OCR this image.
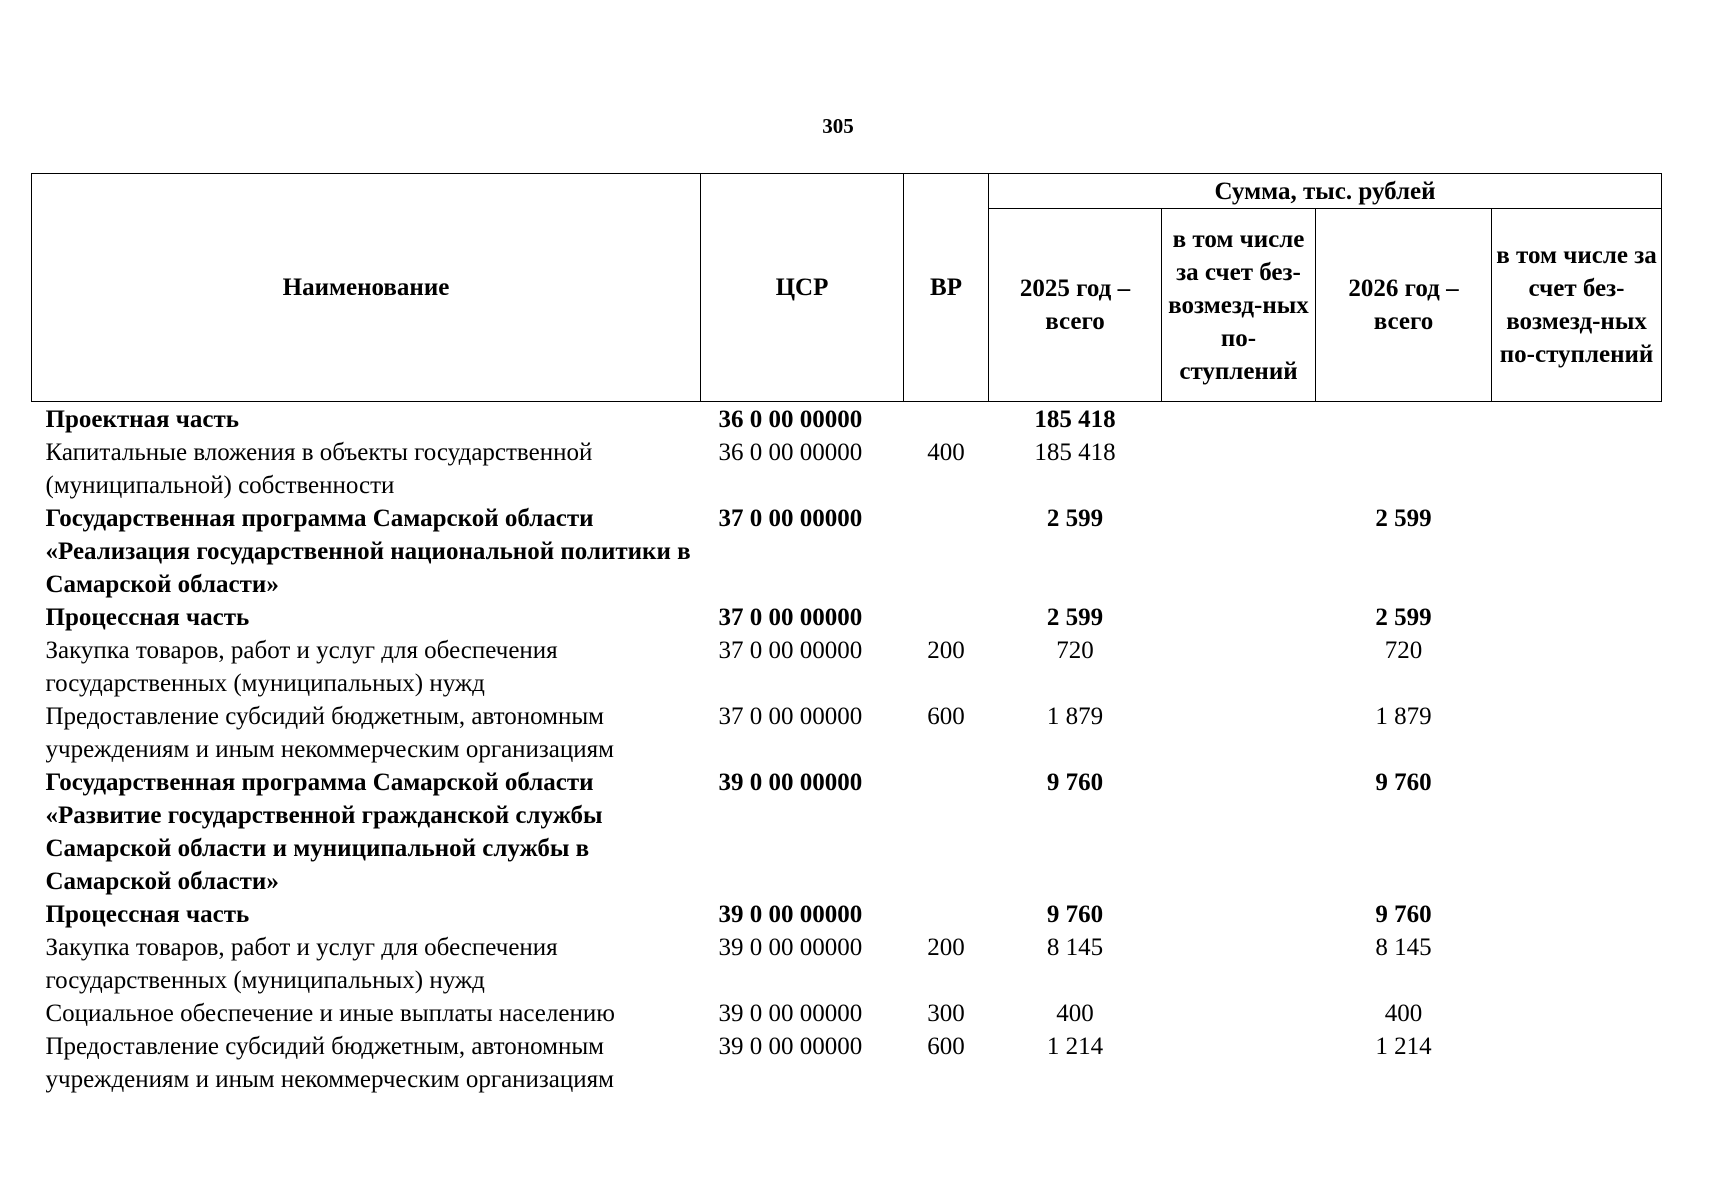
305
Наименование	ЦСР	ВР	Сумма, тыс. рублей			
			2025 год – всего	в том числе за счет без-возмезд-ных по-ступлений	2026 год – всего	в том числе за счет без-возмезд-ных по-ступлений
Проектная часть	36 0 00 00000		185 418			
Капитальные вложения в объекты государственной (муниципальной) собственности	36 0 00 00000	400	185 418			
Государственная программа Самарской области «Реализация государственной национальной политики в Самарской области»	37 0 00 00000		2 599		2 599	
Процессная часть	37 0 00 00000		2 599		2 599	
Закупка товаров, работ и услуг для обеспечения государственных (муниципальных) нужд	37 0 00 00000	200	720		720	
Предоставление субсидий бюджетным, автономным учреждениям и иным некоммерческим организациям	37 0 00 00000	600	1 879		1 879	
Государственная программа Самарской области «Развитие государственной гражданской службы Самарской области и муниципальной службы в Самарской области»	39 0 00 00000		9 760		9 760	
Процессная часть	39 0 00 00000		9 760		9 760	
Закупка товаров, работ и услуг для обеспечения государственных (муниципальных) нужд	39 0 00 00000	200	8 145		8 145	
Социальное обеспечение и иные выплаты населению	39 0 00 00000	300	400		400	
Предоставление субсидий бюджетным, автономным учреждениям и иным некоммерческим организациям	39 0 00 00000	600	1 214		1 214	
